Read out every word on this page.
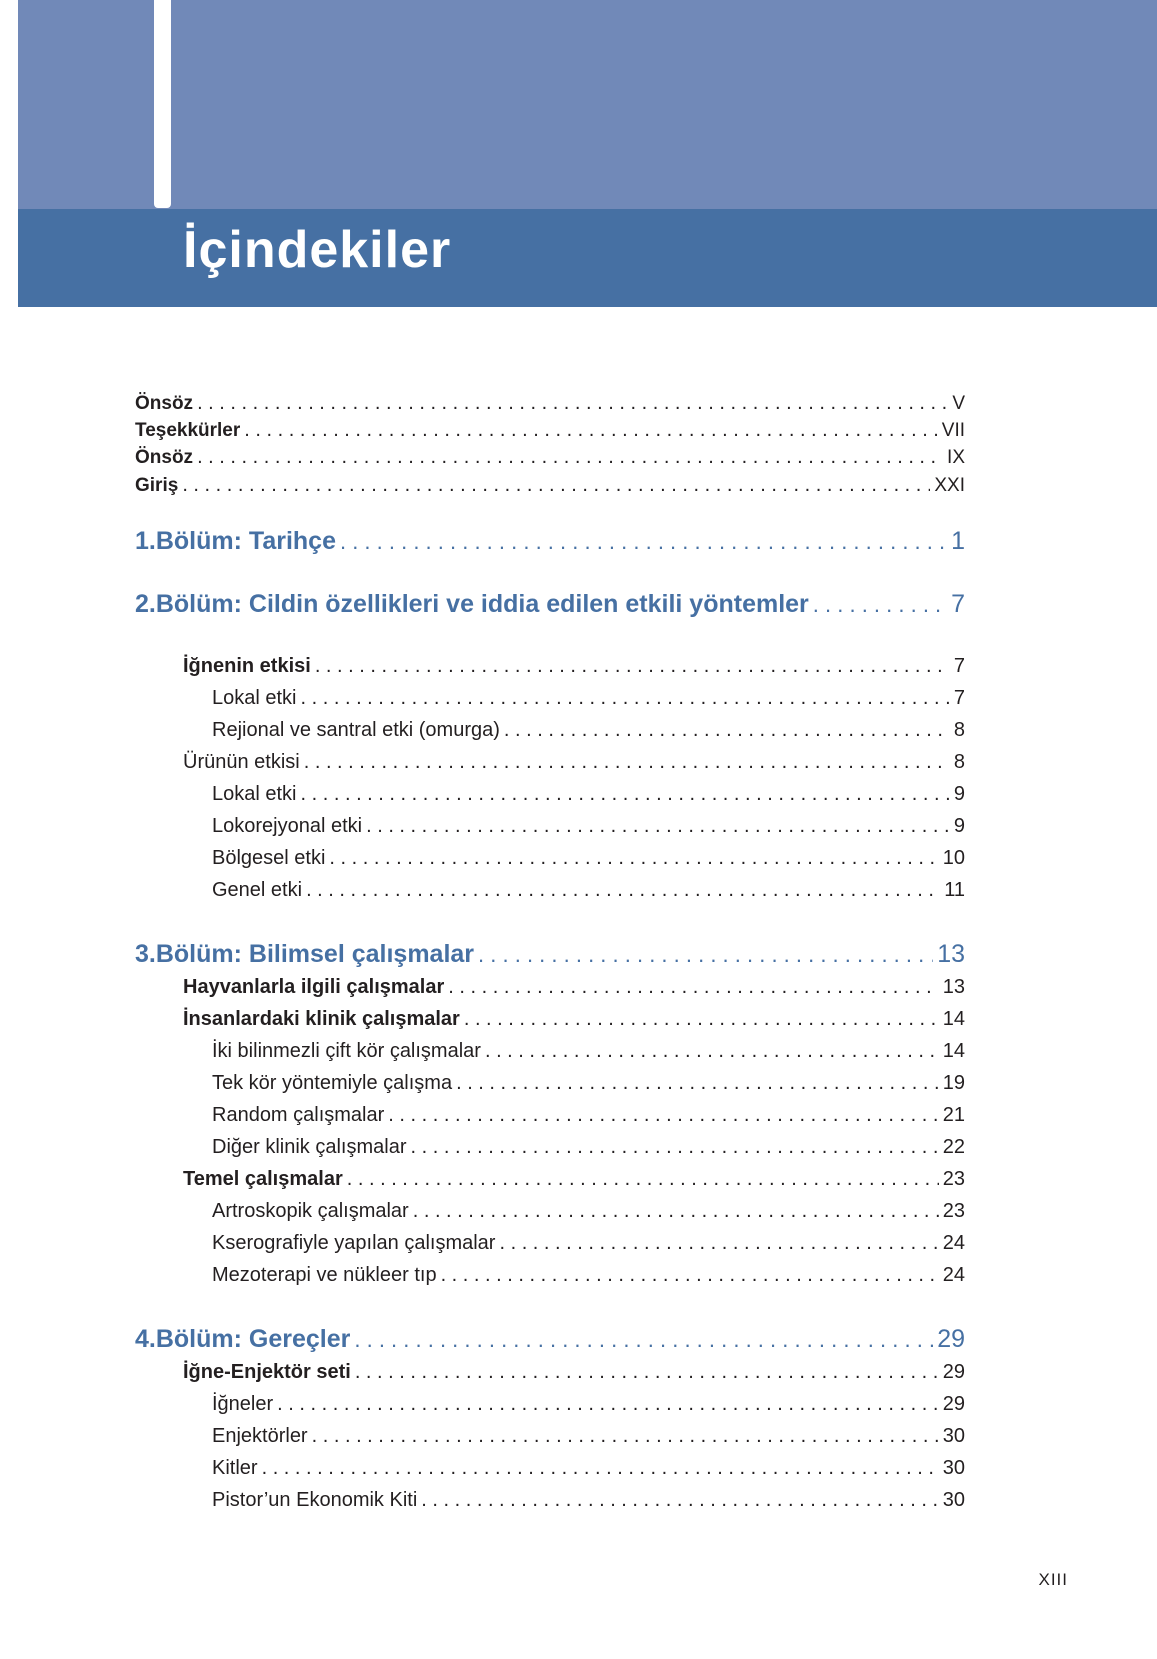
İçindekiler
Önsöz . . .	V
Teşekkürler . . .	VII
Önsöz . . .	IX
Giriş . . .	XXI
1. Bölüm: Tarihçe . . .	1
2. Bölüm: Cildin özellikleri ve iddia edilen etkili yöntemler . . .	7
İğnenin etkisi . . .	7
Lokal etki . . .	7
Rejional ve santral etki (omurga) . . .	8
Ürünün etkisi . . .	8
Lokal etki . . .	9
Lokorejyonal etki . . .	9
Bölgesel etki . . .	10
Genel etki . . .	11
3. Bölüm: Bilimsel çalışmalar . . .	13
Hayvanlarla ilgili çalışmalar . . .	13
İnsanlardaki klinik çalışmalar . . .	14
İki bilinmezli çift kör çalışmalar . . .	14
Tek kör yöntemiyle çalışma . . .	19
Random çalışmalar . . .	21
Diğer klinik çalışmalar . . .	22
Temel çalışmalar . . .	23
Artroskopik çalışmalar . . .	23
Kserografiyle yapılan çalışmalar . . .	24
Mezoterapi ve nükleer tıp . . .	24
4. Bölüm: Gereçler . . .	29
İğne-Enjektör seti . . .	29
İğneler . . .	29
Enjektörler . . .	30
Kitler . . .	30
Pistor’un Ekonomik Kiti . . .	30
XIII
